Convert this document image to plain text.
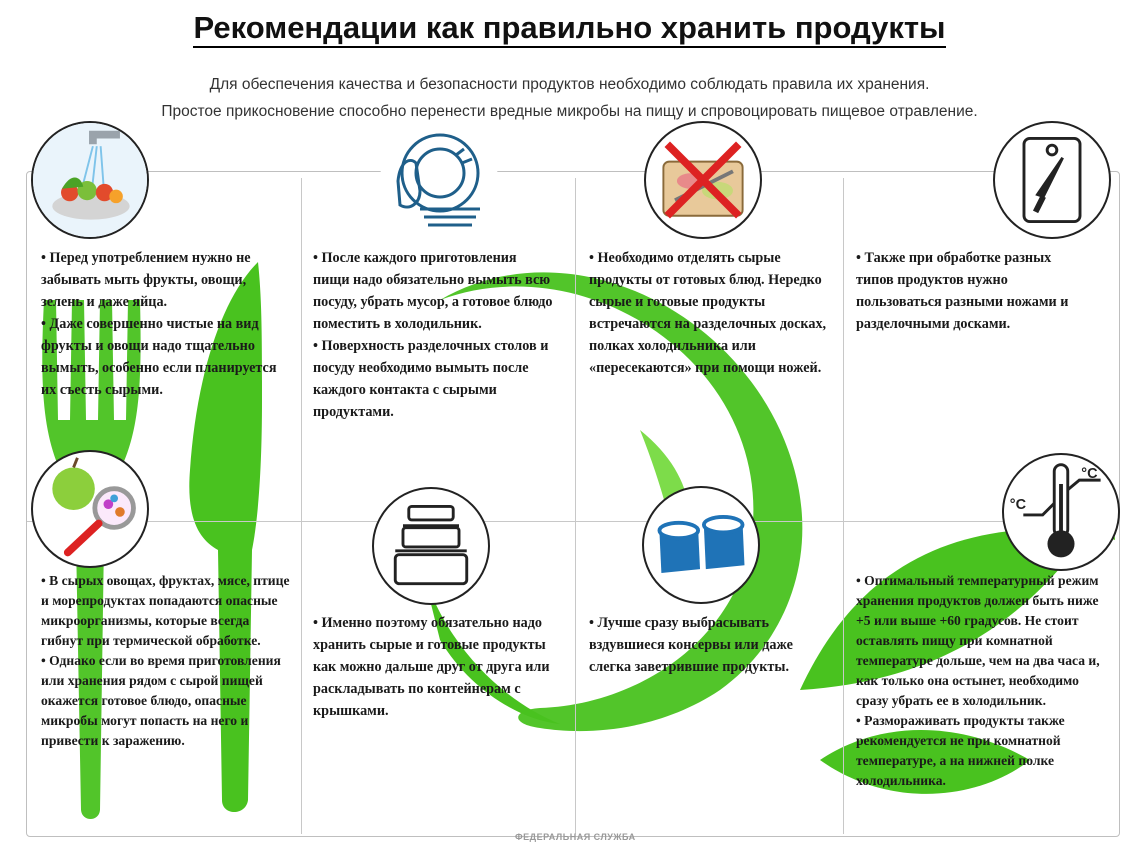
Рекомендации как правильно хранить продукты
Для обеспечения качества и безопасности продуктов необходимо соблюдать правила их хранения.
Простое прикосновение способно перенести вредные микробы на пищу и спровоцировать пищевое отравление.
°C
°C

• Перед употреблением нужно не забывать мыть фрукты, овощи, зелень и даже яйца.

• Даже совершенно чистые на вид фрукты и овощи надо тщательно вымыть, особенно если планируется их съесть сырыми.

• После каждого приготовления пищи надо обязательно вымыть всю посуду, убрать мусор, а готовое блюдо поместить в холодильник.

• Поверхность разделочных столов и посуду необходимо вымыть после каждого контакта с сырыми продуктами.

• Необходимо отделять сырые продукты от готовых блюд. Нередко сырые и готовые продукты встречаются на разделочных досках, полках холодильника или «пересекаются» при помощи ножей.

• Также при обработке разных типов продуктов нужно пользоваться разными ножами и разделочными досками.

• В сырых овощах, фруктах, мясе, птице и морепродуктах попадаются опасные микроорганизмы, которые всегда гибнут при термической обработке.

• Однако если во время приготовления или хранения рядом с сырой пищей окажется готовое блюдо, опасные микробы могут попасть на него и привести к заражению.

• Именно поэтому обязательно надо хранить сырые и готовые продукты как можно дальше друг от друга или раскладывать по контейнерам с крышками.

• Лучше сразу выбрасывать вздувшиеся консервы или даже слегка заветрившие продукты.

• Оптимальный температурный режим хранения продуктов должен быть ниже +5 или выше +60 градусов. Не стоит оставлять пищу при комнатной температуре дольше, чем на два часа и, как только она остынет, необходимо сразу убрать ее в холодильник.

• Размораживать продукты также рекомендуется не при комнатной температуре, а на нижней полке холодильника.

ФЕДЕРАЛЬНАЯ СЛУЖБА
